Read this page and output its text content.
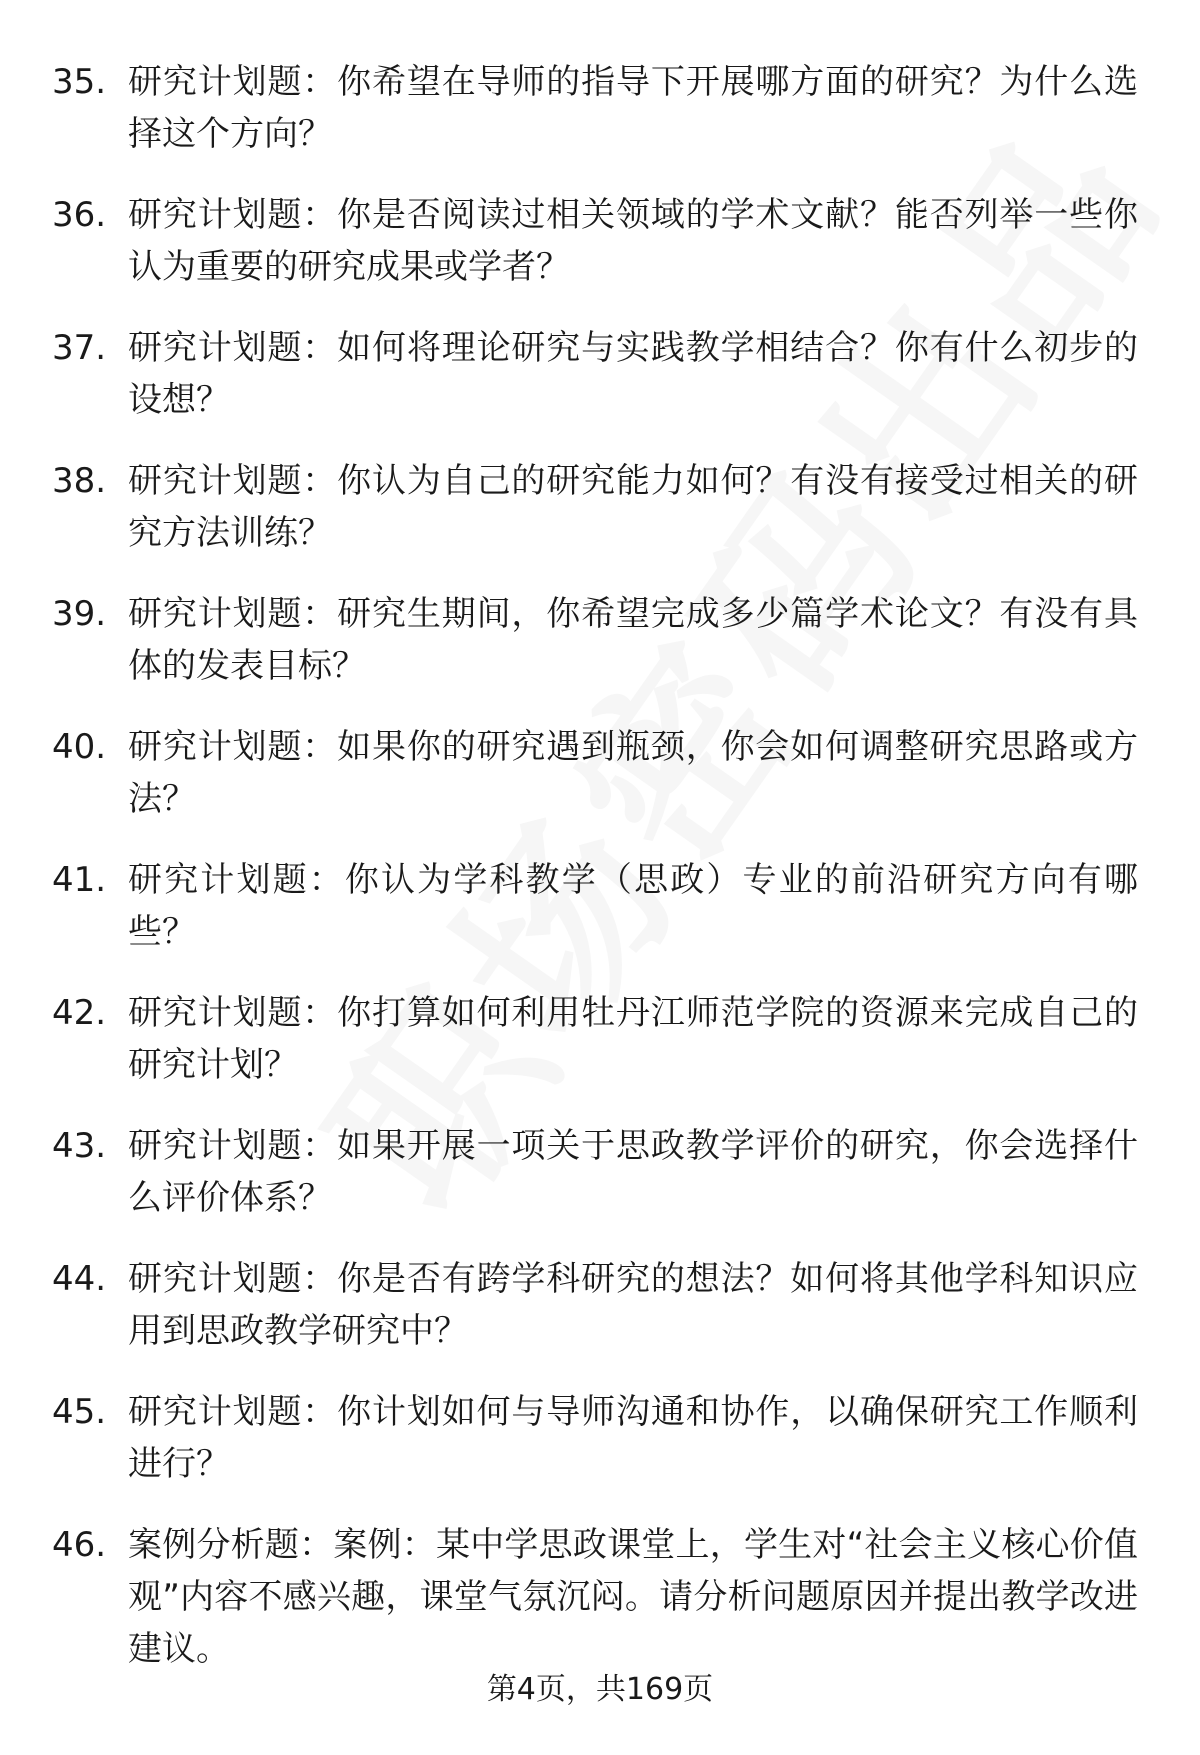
35. 研究计划题：你希望在导师的指导下开展哪方面的研究？为什么选择这个方向？
36. 研究计划题：你是否阅读过相关领域的学术文献？能否列举一些你认为重要的研究成果或学者？
37. 研究计划题：如何将理论研究与实践教学相结合？你有什么初步的设想？
38. 研究计划题：你认为自己的研究能力如何？有没有接受过相关的研究方法训练？
39. 研究计划题：研究生期间，你希望完成多少篇学术论文？有没有具体的发表目标？
40. 研究计划题：如果你的研究遇到瓶颈，你会如何调整研究思路或方法？
41. 研究计划题：你认为学科教学（思政）专业的前沿研究方向有哪些？
42. 研究计划题：你打算如何利用牡丹江师范学院的资源来完成自己的研究计划？
43. 研究计划题：如果开展一项关于思政教学评价的研究，你会选择什么评价体系？
44. 研究计划题：你是否有跨学科研究的想法？如何将其他学科知识应用到思政教学研究中？
45. 研究计划题：你计划如何与导师沟通和协作，以确保研究工作顺利进行？
46. 案例分析题：案例：某中学思政课堂上，学生对“社会主义核心价值观”内容不感兴趣，课堂气氛沉闷。请分析问题原因并提出教学改进建议。
第4页，共169页
